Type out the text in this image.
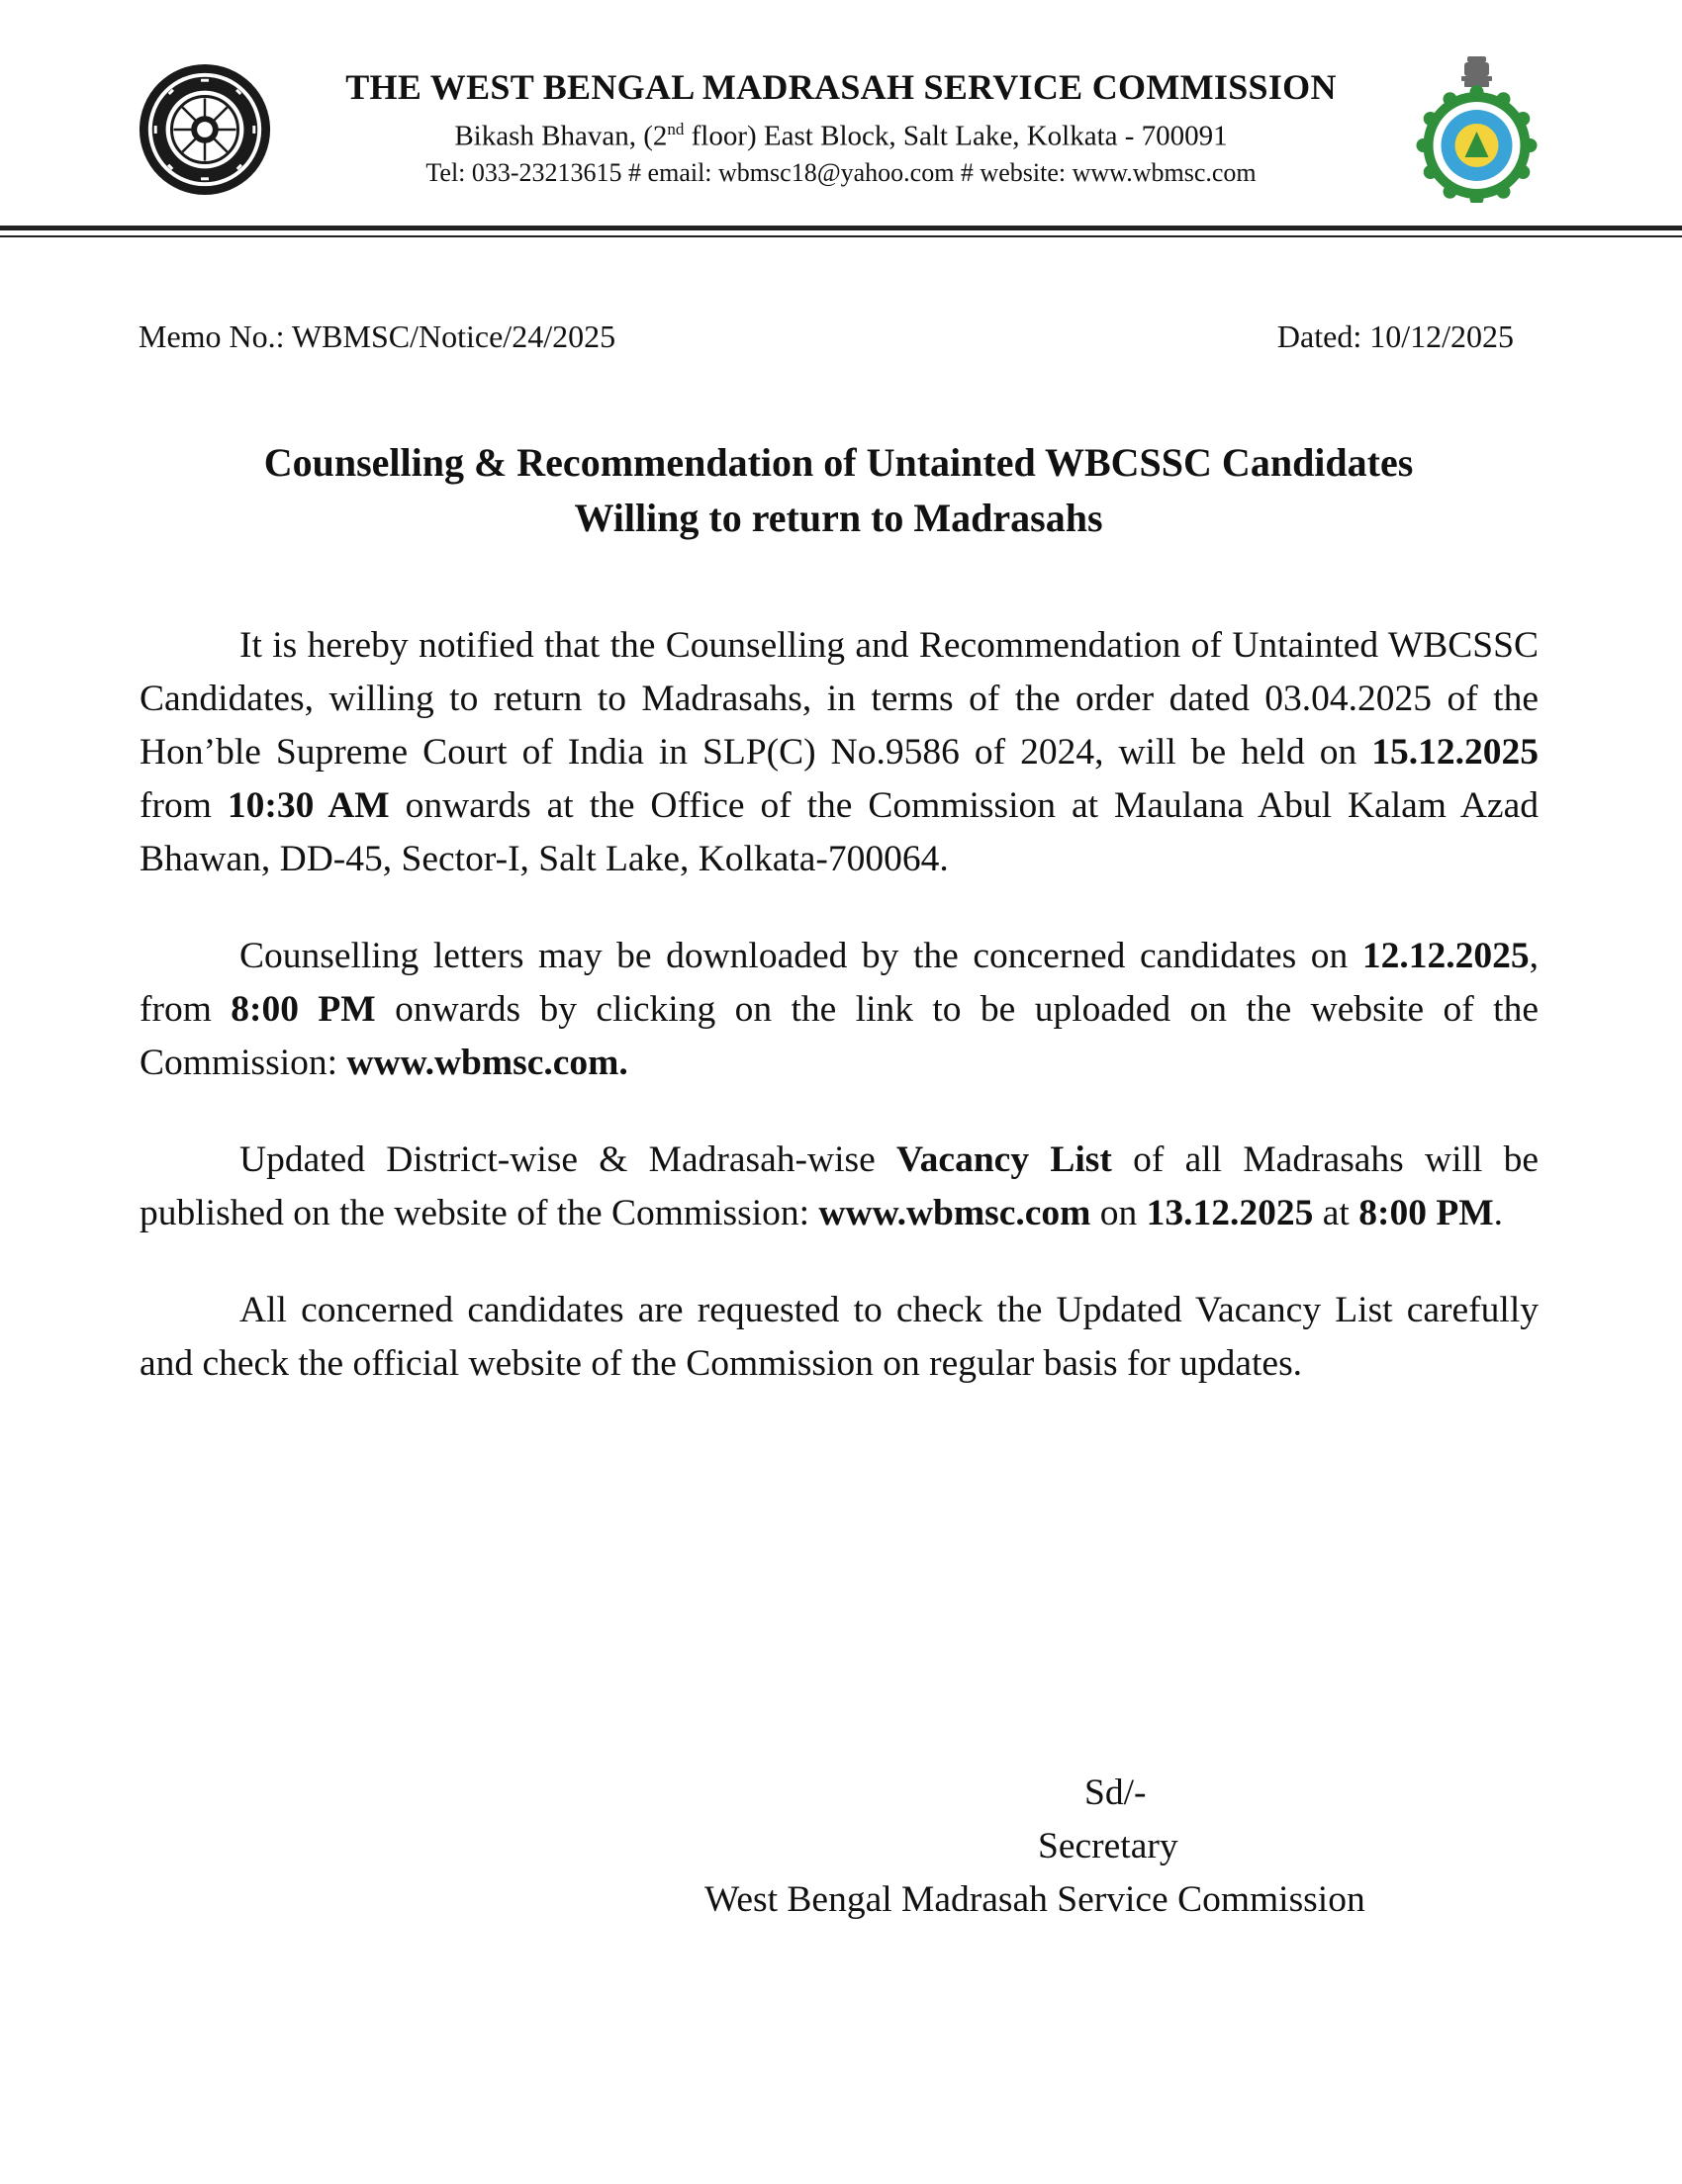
THE WEST BENGAL MADRASAH SERVICE COMMISSION
Bikash Bhavan, (2nd floor) East Block, Salt Lake, Kolkata - 700091
Tel: 033-23213615 # email: wbmsc18@yahoo.com # website: www.wbmsc.com
Memo No.: WBMSC/Notice/24/2025	Dated: 10/12/2025
Counselling & Recommendation of Untainted WBCSSC Candidates
Willing to return to Madrasahs

It is hereby notified that the Counselling and Recommendation of Untainted WBCSSC Candidates, willing to return to Madrasahs, in terms of the order dated 03.04.2025 of the Hon’ble Supreme Court of India in SLP(C) No.9586 of 2024, will be held on 15.12.2025 from 10:30 AM onwards at the Office of the Commission at Maulana Abul Kalam Azad Bhawan, DD-45, Sector-I, Salt Lake, Kolkata-700064.

Counselling letters may be downloaded by the concerned candidates on 12.12.2025, from 8:00 PM onwards by clicking on the link to be uploaded on the website of the Commission: www.wbmsc.com.

Updated District-wise & Madrasah-wise Vacancy List of all Madrasahs will be published on the website of the Commission: www.wbmsc.com on 13.12.2025 at 8:00 PM.

All concerned candidates are requested to check the Updated Vacancy List carefully and check the official website of the Commission on regular basis for updates.

Sd/-
Secretary
West Bengal Madrasah Service Commission
